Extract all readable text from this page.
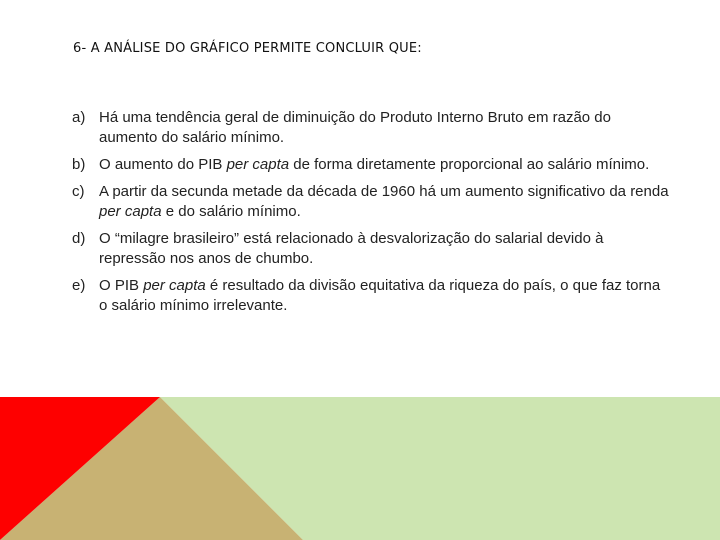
6- A ANÁLISE DO GRÁFICO PERMITE CONCLUIR QUE:
a) Há uma tendência geral de diminuição do Produto Interno Bruto em razão do aumento do salário mínimo.
b) O aumento do PIB per capta de forma diretamente proporcional ao salário mínimo.
c) A partir da secunda metade da década de 1960 há um aumento significativo da renda per capta e do salário mínimo.
d) O “milagre brasileiro” está relacionado à desvalorização do salarial devido à repressão nos anos de chumbo.
e) O PIB per capta é resultado da divisão equitativa da riqueza do país, o que faz torna o salário mínimo irrelevante.
